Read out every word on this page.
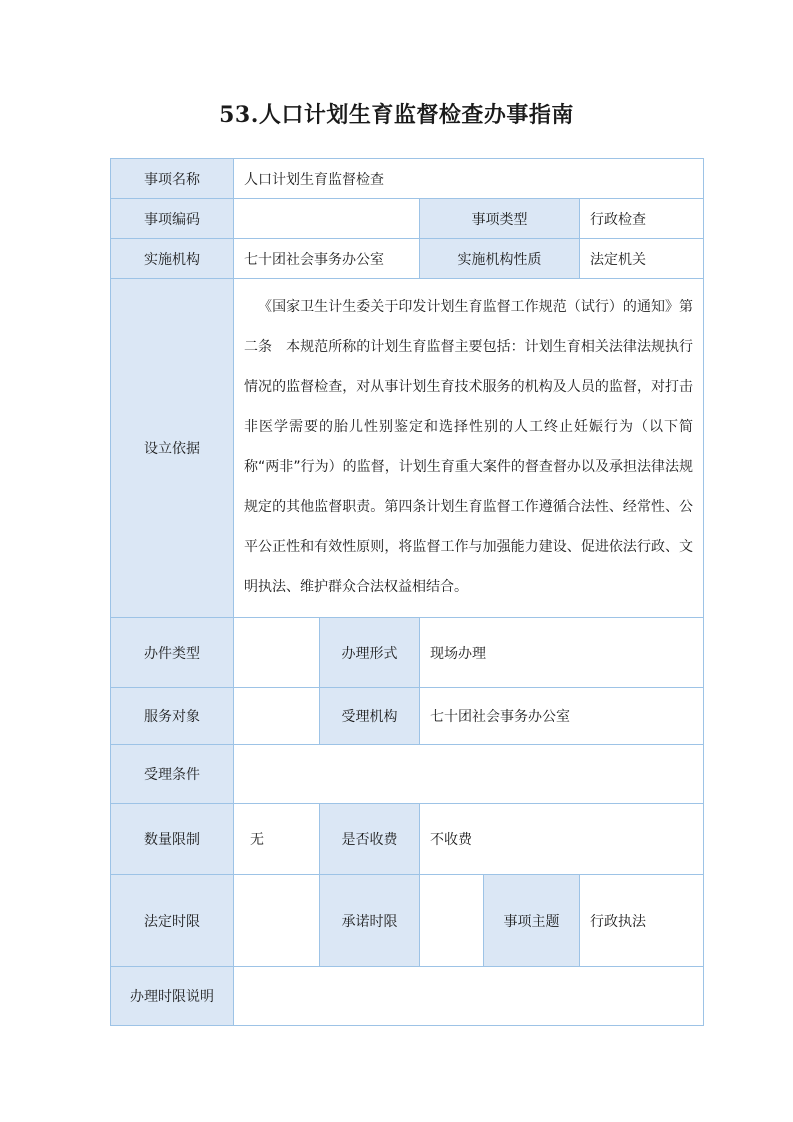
53.人口计划生育监督检查办事指南
事项名称	人口计划生育监督检查				
事项编码			事项类型		行政检查
实施机构	七十团社会事务办公室		实施机构性质		法定机关
设立依据	《国家卫生计生委关于印发计划生育监督工作规范（试行）的通知》第二条　本规范所称的计划生育监督主要包括：计划生育相关法律法规执行情况的监督检查，对从事计划生育技术服务的机构及人员的监督，对打击非医学需要的胎儿性别鉴定和选择性别的人工终止妊娠行为（以下简称“两非”行为）的监督，计划生育重大案件的督查督办以及承担法律法规规定的其他监督职责。第四条计划生育监督工作遵循合法性、经常性、公平公正性和有效性原则，将监督工作与加强能力建设、促进依法行政、文明执法、维护群众合法权益相结合。				
办件类型		办理形式	现场办理		
服务对象		受理机构	七十团社会事务办公室		
受理条件					
数量限制	无	是否收费	不收费		
法定时限		承诺时限		事项主题	行政执法
办理时限说明					
